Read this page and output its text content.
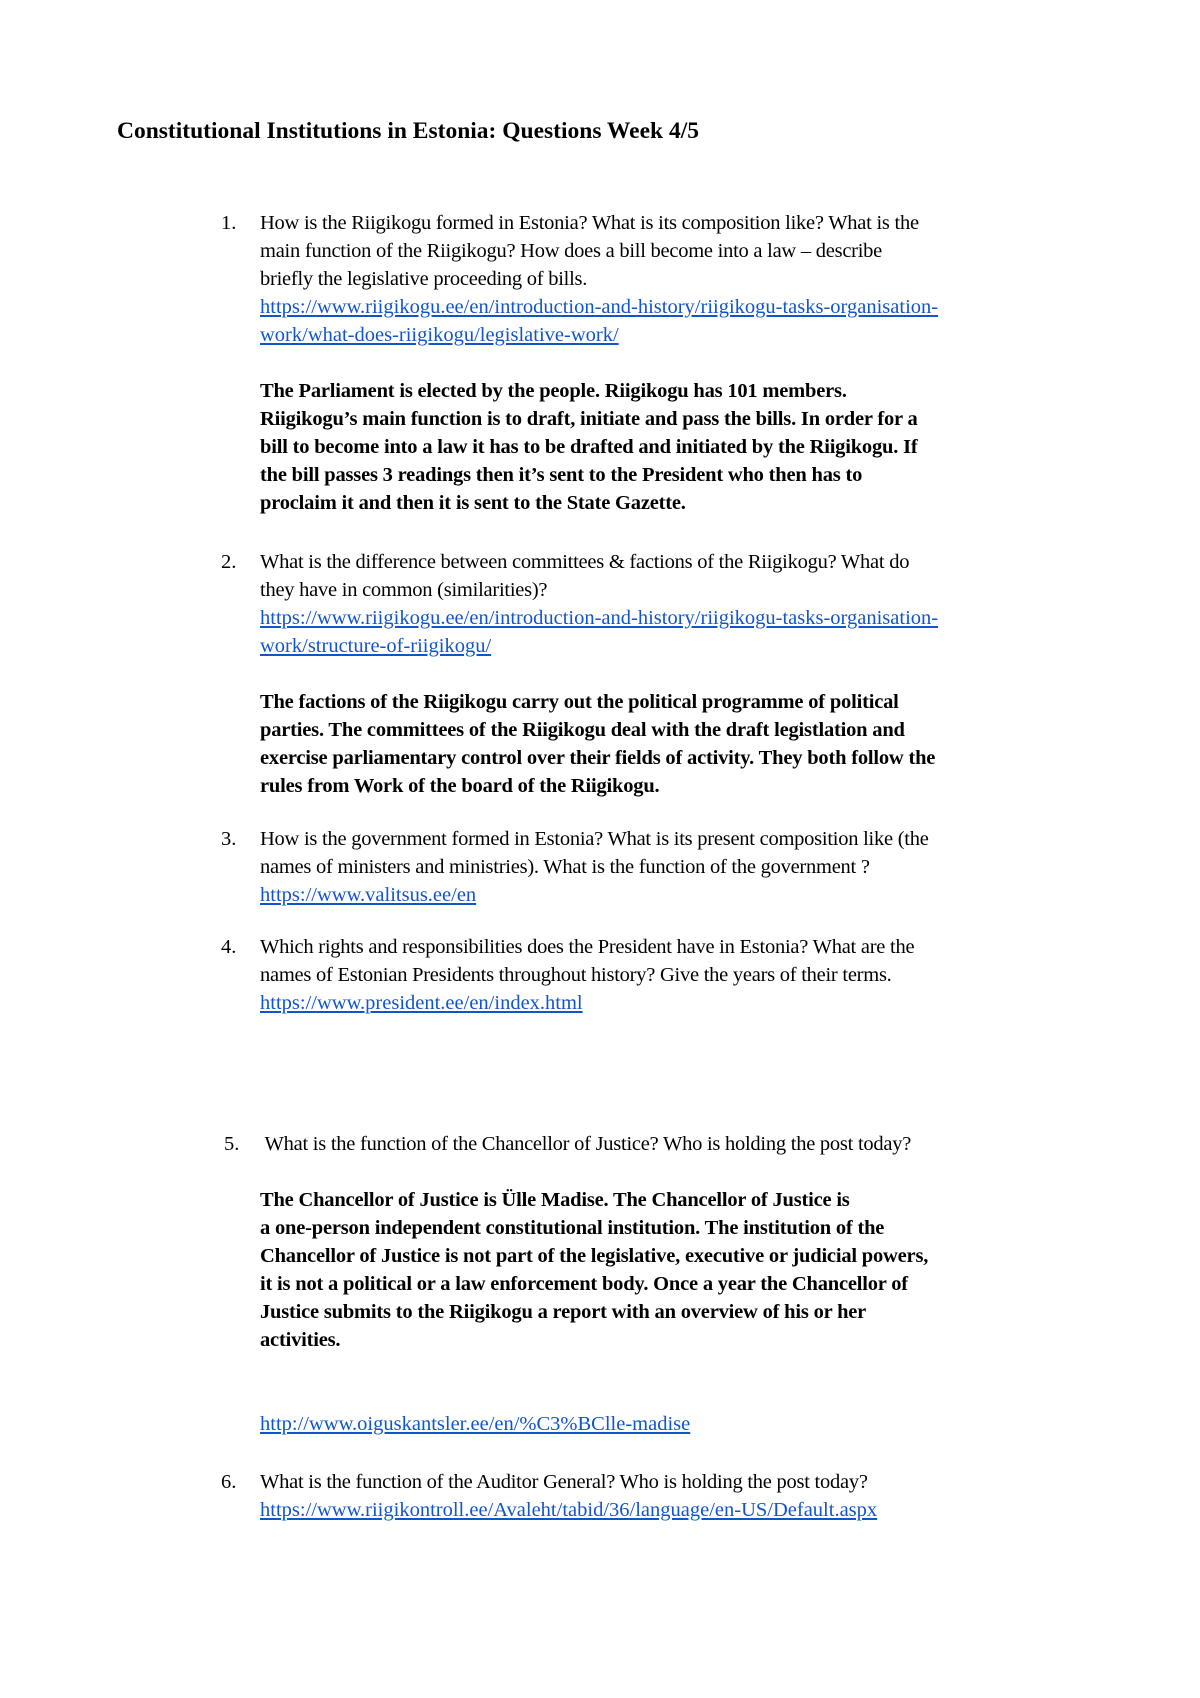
Constitutional Institutions in Estonia: Questions Week 4/5
1. How is the Riigikogu formed in Estonia? What is its composition like? What is the
main function of the Riigikogu? How does a bill become into a law – describe
briefly the legislative proceeding of bills.
https://www.riigikogu.ee/en/introduction-and-history/riigikogu-tasks-organisation-
work/what-does-riigikogu/legislative-work/
The Parliament is elected by the people. Riigikogu has 101 members.
Riigikogu’s main function is to draft, initiate and pass the bills. In order for a
bill to become into a law it has to be drafted and initiated by the Riigikogu. If
the bill passes 3 readings then it’s sent to the President who then has to
proclaim it and then it is sent to the State Gazette.
2. What is the difference between committees & factions of the Riigikogu? What do
they have in common (similarities)?
https://www.riigikogu.ee/en/introduction-and-history/riigikogu-tasks-organisation-
work/structure-of-riigikogu/
The factions of the Riigikogu carry out the political programme of political
parties. The committees of the Riigikogu deal with the draft legistlation and
exercise parliamentary control over their fields of activity. They both follow the
rules from Work of the board of the Riigikogu.
3. How is the government formed in Estonia? What is its present composition like (the
names of ministers and ministries). What is the function of the government ?
https://www.valitsus.ee/en
4. Which rights and responsibilities does the President have in Estonia? What are the
names of Estonian Presidents throughout history? Give the years of their terms.
https://www.president.ee/en/index.html
5. What is the function of the Chancellor of Justice? Who is holding the post today?
The Chancellor of Justice is Ülle Madise. The Chancellor of Justice is
a one-person independent constitutional institution. The institution of the
Chancellor of Justice is not part of the legislative, executive or judicial powers,
it is not a political or a law enforcement body. Once a year the Chancellor of
Justice submits to the Riigikogu a report with an overview of his or her
activities.
http://www.oiguskantsler.ee/en/%C3%BClle-madise
6. What is the function of the Auditor General? Who is holding the post today?
https://www.riigikontroll.ee/Avaleht/tabid/36/language/en-US/Default.aspx
